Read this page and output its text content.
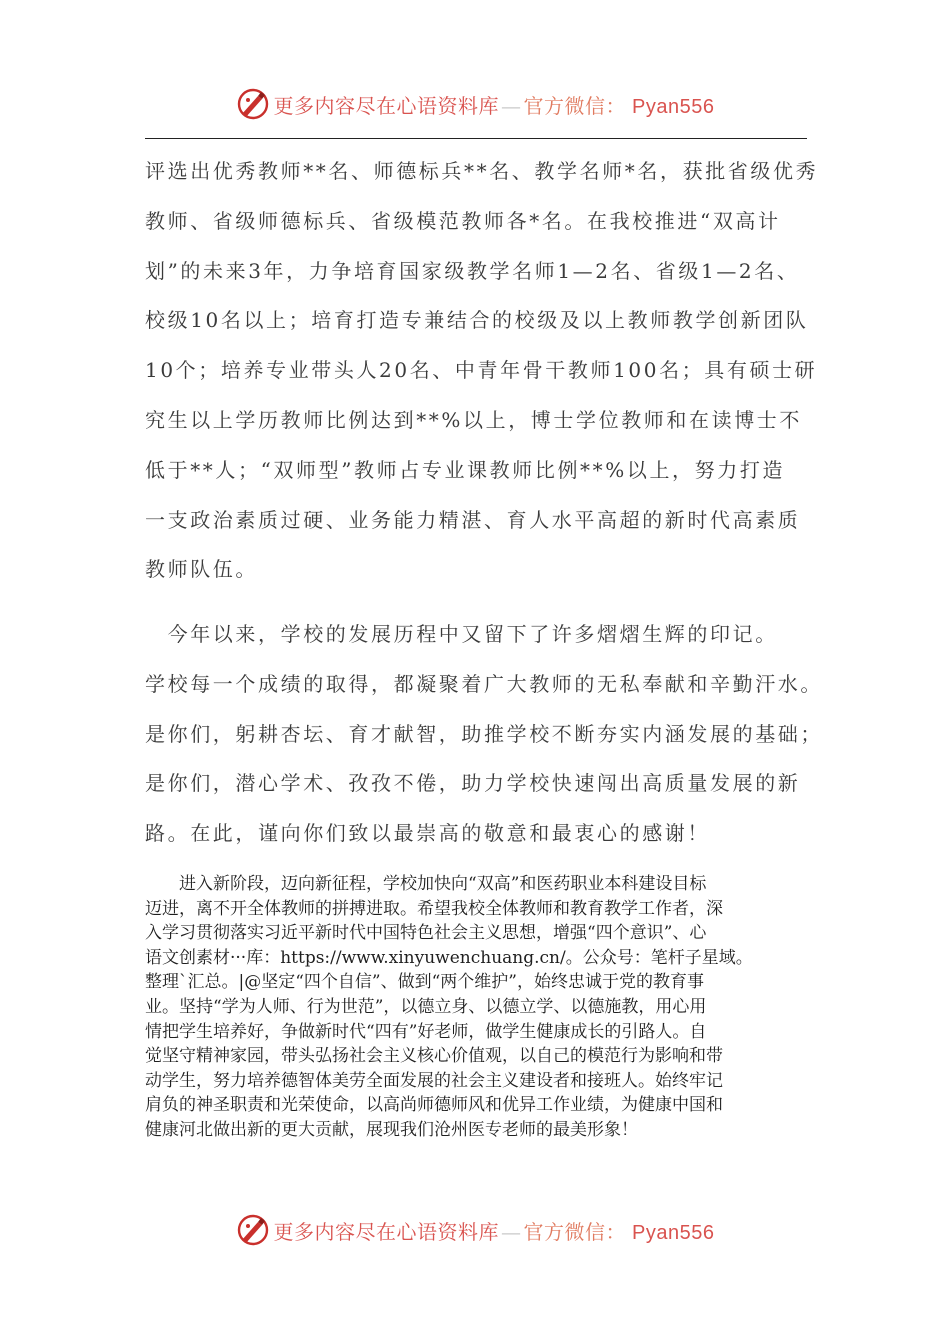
更多内容尽在心语资料库 — 官方微信： Pyan556

评选出优秀教师**名、师德标兵**名、教学名师*名，获批省级优秀
教师、省级师德标兵、省级模范教师各*名。在我校推进“双高计
划”的未来3年，力争培育国家级教学名师1—2名、省级1—2名、
校级10名以上；培育打造专兼结合的校级及以上教师教学创新团队
10个；培养专业带头人20名、中青年骨干教师100名；具有硕士研
究生以上学历教师比例达到**%以上，博士学位教师和在读博士不
低于**人；“双师型”教师占专业课教师比例**%以上，努力打造
一支政治素质过硬、业务能力精湛、育人水平高超的新时代高素质
教师队伍。

　今年以来，学校的发展历程中又留下了许多熠熠生辉的印记。
学校每一个成绩的取得，都凝聚着广大教师的无私奉献和辛勤汗水。
是你们，躬耕杏坛、育才献智，助推学校不断夯实内涵发展的基础；
是你们，潜心学术、孜孜不倦，助力学校快速闯出高质量发展的新
路。在此，谨向你们致以最崇高的敬意和最衷心的感谢！

　　进入新阶段，迈向新征程，学校加快向“双高”和医药职业本科建设目标
迈进，离不开全体教师的拼搏进取。希望我校全体教师和教育教学工作者，深
入学习贯彻落实习近平新时代中国特色社会主义思想，增强“四个意识”、心
语文创素材···库：https://www.xinyuwenchuang.cn/。公众号：笔杆子星域。
整理`汇总。|@坚定“四个自信”、做到“两个维护”，始终忠诚于党的教育事
业。坚持“学为人师、行为世范”，以德立身、以德立学、以德施教，用心用
情把学生培养好，争做新时代“四有”好老师，做学生健康成长的引路人。自
觉坚守精神家园，带头弘扬社会主义核心价值观，以自己的模范行为影响和带
动学生，努力培养德智体美劳全面发展的社会主义建设者和接班人。始终牢记
肩负的神圣职责和光荣使命，以高尚师德师风和优异工作业绩，为健康中国和
健康河北做出新的更大贡献，展现我们沧州医专老师的最美形象！

更多内容尽在心语资料库 — 官方微信： Pyan556
